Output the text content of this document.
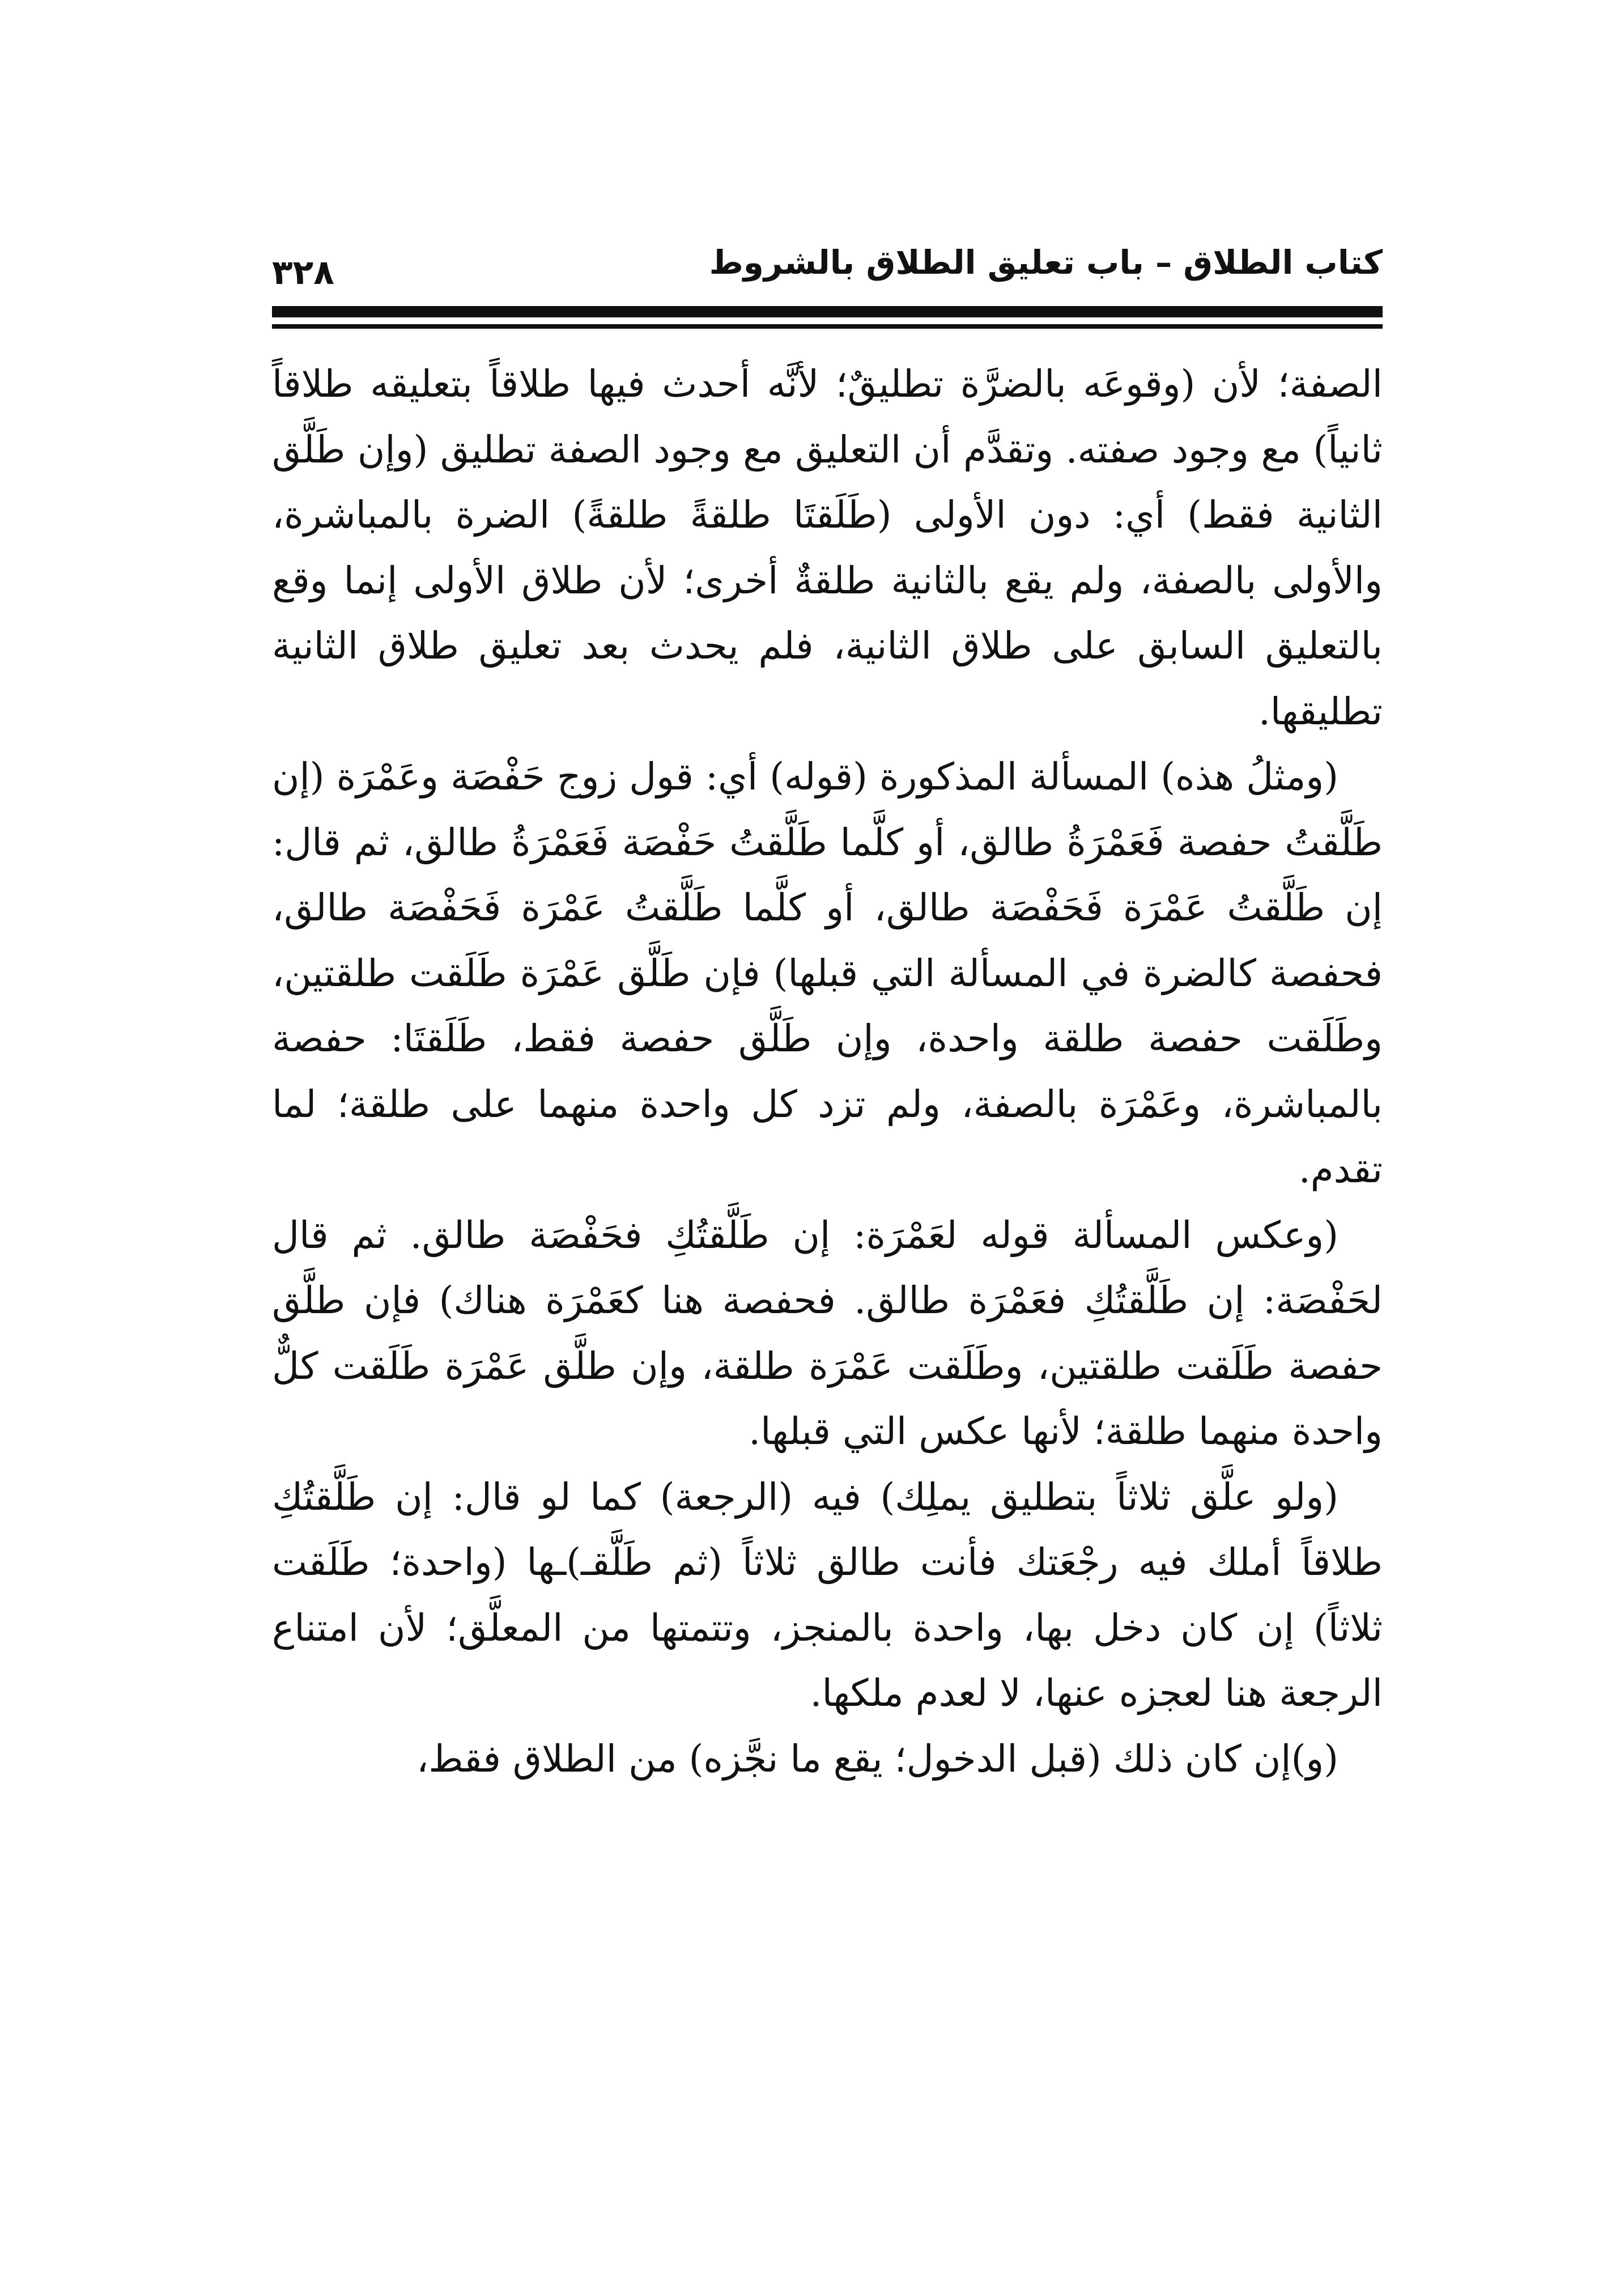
كتاب الطلاق – باب تعليق الطلاق بالشروط
٣٢٨

الصفة؛ لأن (وقوعَه بالضرَّة تطليقٌ؛ لأنَّه أحدث فيها طلاقاً بتعليقه طلاقاً ثانياً) مع وجود صفته. وتقدَّم أن التعليق مع وجود الصفة تطليق (وإن طَلَّق الثانية فقط) أي: دون الأولى (طَلَقتَا طلقةً طلقةً) الضرة بالمباشرة، والأولى بالصفة، ولم يقع بالثانية طلقةٌ أخرى؛ لأن طلاق الأولى إنما وقع بالتعليق السابق على طلاق الثانية، فلم يحدث بعد تعليق طلاق الثانية تطليقها.

(ومثلُ هذه) المسألة المذكورة (قوله) أي: قول زوج حَفْصَة وعَمْرَة (إن طَلَّقتُ حفصة فَعَمْرَةُ طالق، أو كلَّما طَلَّقتُ حَفْصَة فَعَمْرَةُ طالق، ثم قال: إن طَلَّقتُ عَمْرَة فَحَفْصَة طالق، أو كلَّما طَلَّقتُ عَمْرَة فَحَفْصَة طالق، فحفصة كالضرة في المسألة التي قبلها) فإن طَلَّق عَمْرَة طَلَقت طلقتين، وطَلَقت حفصة طلقة واحدة، وإن طَلَّق حفصة فقط، طَلَقتَا: حفصة بالمباشرة، وعَمْرَة بالصفة، ولم تزد كل واحدة منهما على طلقة؛ لما تقدم.

(وعكس المسألة قوله لعَمْرَة: إن طَلَّقتُكِ فحَفْصَة طالق. ثم قال لحَفْصَة: إن طَلَّقتُكِ فعَمْرَة طالق. فحفصة هنا كعَمْرَة هناك) فإن طلَّق حفصة طَلَقت طلقتين، وطَلَقت عَمْرَة طلقة، وإن طلَّق عَمْرَة طَلَقت كلٌّ واحدة منهما طلقة؛ لأنها عكس التي قبلها.

(ولو علَّق ثلاثاً بتطليق يملِك) فيه (الرجعة) كما لو قال: إن طَلَّقتُكِ طلاقاً أملك فيه رجْعَتك فأنت طالق ثلاثاً (ثم طَلَّقـ)ـها (واحدة؛ طَلَقت ثلاثاً) إن كان دخل بها، واحدة بالمنجز، وتتمتها من المعلَّق؛ لأن امتناع الرجعة هنا لعجزه عنها، لا لعدم ملكها.

(و)إن كان ذلك (قبل الدخول؛ يقع ما نجَّزه) من الطلاق فقط،
